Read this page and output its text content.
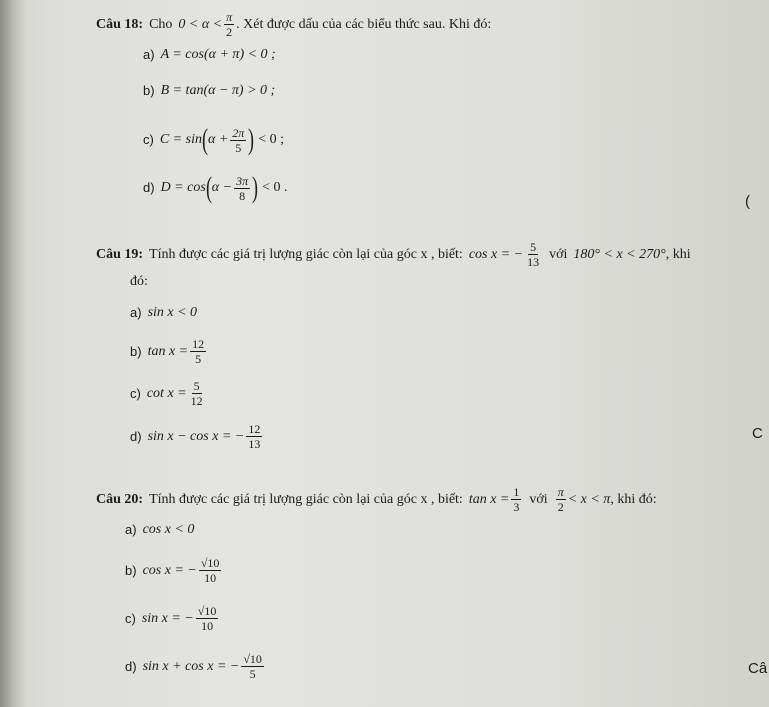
Câu 18: Cho $0 < \alpha < \frac{\pi}{2}$ . Xét được dấu của các biểu thức sau. Khi đó:
a) A = cos(α + π) < 0 ;
b) B = tan(α − π) > 0 ;
c) C = sin ( $\alpha + \frac{2\pi}{5}$ ) < 0 ;
d) D = cos ( $\alpha - \frac{3\pi}{8}$ ) < 0 .
(
Câu 19: Tính được các giá trị lượng giác còn lại của góc x , biết: cos x = − $\frac{5}{13}$ với 180° < x < 270° , khi
đó:
a) sin x < 0
b) $\tan x = \frac{12}{5}$
c) $\cot x = \frac{5}{12}$
d) sin x − cos x = − $\frac{12}{13}$	C
Câu 20: Tính được các giá trị lượng giác còn lại của góc x , biết: $\tan x = \frac{1}{3}$ với $\frac{\pi}{2} < x < \pi$ , khi đó:
a) cos x < 0
b) cos x = − $\frac{√10}{10}$
c) sin x = − $\frac{√10}{10}$
d) sin x + cos x = − $\frac{√10}{5}$	Câ
